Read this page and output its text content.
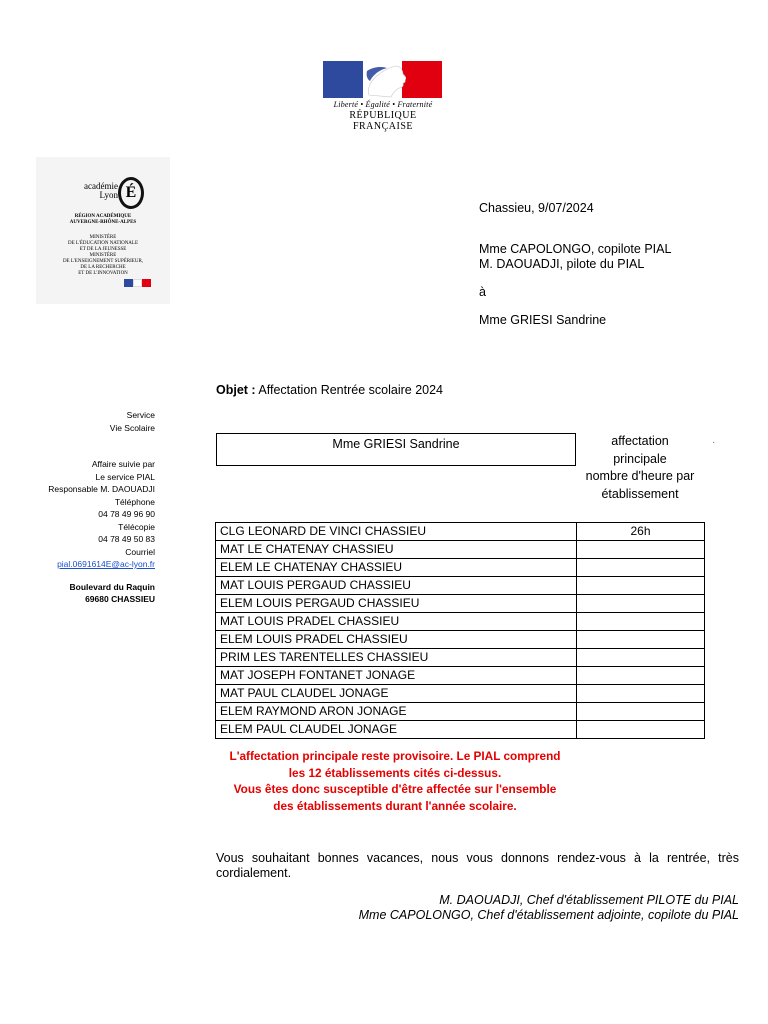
Liberté • Égalité • Fraternité
RÉPUBLIQUE FRANÇAISE
académie
Lyon É
RÉGION ACADÉMIQUE
AUVERGNE-RHÔNE-ALPES
MINISTÈRE
DE L'ÉDUCATION NATIONALE
ET DE LA JEUNESSE
MINISTÈRE
DE L'ENSEIGNEMENT SUPÉRIEUR,
DE LA RECHERCHE
ET DE L'INNOVATION
Chassieu, 9/07/2024
Mme CAPOLONGO, copilote PIAL
M. DAOUADJI, pilote du PIAL
à
Mme GRIESI Sandrine
Objet : Affectation Rentrée scolaire 2024
Service
Vie Scolaire
Affaire suivie par
Le service PIAL
Responsable M. DAOUADJI
Téléphone
04 78 49 96 90
Télécopie
04 78 49 50 83
Courriel
pial.0691614E@ac-lyon.fr
Boulevard du Raquin
69680 CHASSIEU
Mme GRIESI Sandrine	affectation
principale
nombre d'heure par
établissement
·
CLG LEONARD DE VINCI CHASSIEU	26h
MAT LE CHATENAY CHASSIEU	
ELEM LE CHATENAY CHASSIEU	
MAT LOUIS PERGAUD CHASSIEU	
ELEM LOUIS PERGAUD CHASSIEU	
MAT LOUIS PRADEL CHASSIEU	
ELEM LOUIS PRADEL CHASSIEU	
PRIM LES TARENTELLES CHASSIEU	
MAT JOSEPH FONTANET JONAGE	
MAT PAUL CLAUDEL JONAGE	
ELEM RAYMOND ARON JONAGE	
ELEM PAUL CLAUDEL JONAGE	
L'affectation principale reste provisoire. Le PIAL comprend
les 12 établissements cités ci-dessus.
Vous êtes donc susceptible d'être affectée sur l'ensemble
des établissements durant l'année scolaire.
Vous souhaitant bonnes vacances, nous vous donnons rendez-vous à la rentrée, très cordialement.
M. DAOUADJI, Chef d'établissement PILOTE du PIAL
Mme CAPOLONGO, Chef d'établissement adjointe, copilote du PIAL
